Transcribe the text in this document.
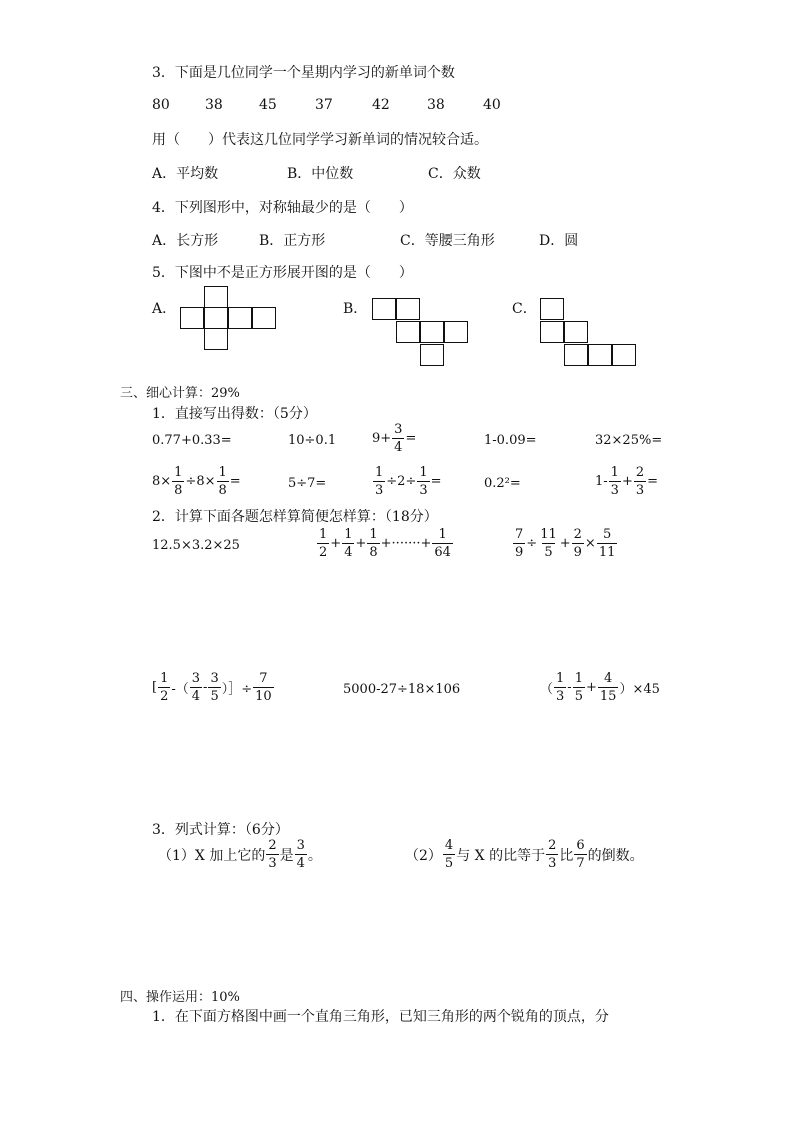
3．下面是几位同学一个星期内学习的新单词个数
80	38	45	37	42	38	40
用（　　）代表这几位同学学习新单词的情况较合适。
A．平均数	B．中位数	C．众数
4．下列图形中，对称轴最少的是（　　）
A．长方形	B．正方形	C．等腰三角形	D．圆
5．下图中不是正方形展开图的是（　　）
A．	B．	C．
三、细心计算：29%
1．直接写出得数：（5分）
0.77+0.33=	10÷0.1	$9+ \frac{3}{4}$ =	1-0.09=	32×25%=
$8\times \frac{1}{8} \div 8\times \frac{1}{8}$ =	5÷7=	$\frac{1}{3} \div 2\div \frac{1}{3}$ =	0.2²=	$1- \frac{1}{3} + \frac{2}{3}$ =
2．计算下面各题怎样算简便怎样算：（18分）
12.5×3.2×25	$\frac{1}{2} + \frac{1}{4} + \frac{1}{8}$ +·······+ $\frac{1}{64}$	$\frac{7}{9} \div \frac{11}{5} + \frac{2}{9} \times \frac{5}{11}$
[ $\frac{1}{2}$ -（ $\frac{3}{4} - \frac{3}{5}$ ）］÷ $\frac{7}{10}$	5000-27÷18×106	（ $\frac{1}{3} - \frac{1}{5} + \frac{4}{15} )\times 45$
3．列式计算：（6分）
（1）X 加上它的 $\frac{2}{3}$ 是 $\frac{3}{4}$ 。	$(2) \frac{4}{5}$ 与 X 的比等于 $\frac{2}{3}$ 比 $\frac{6}{7}$ 的倒数。
四、操作运用：10%
1．在下面方格图中画一个直角三角形，已知三角形的两个锐角的顶点，分
